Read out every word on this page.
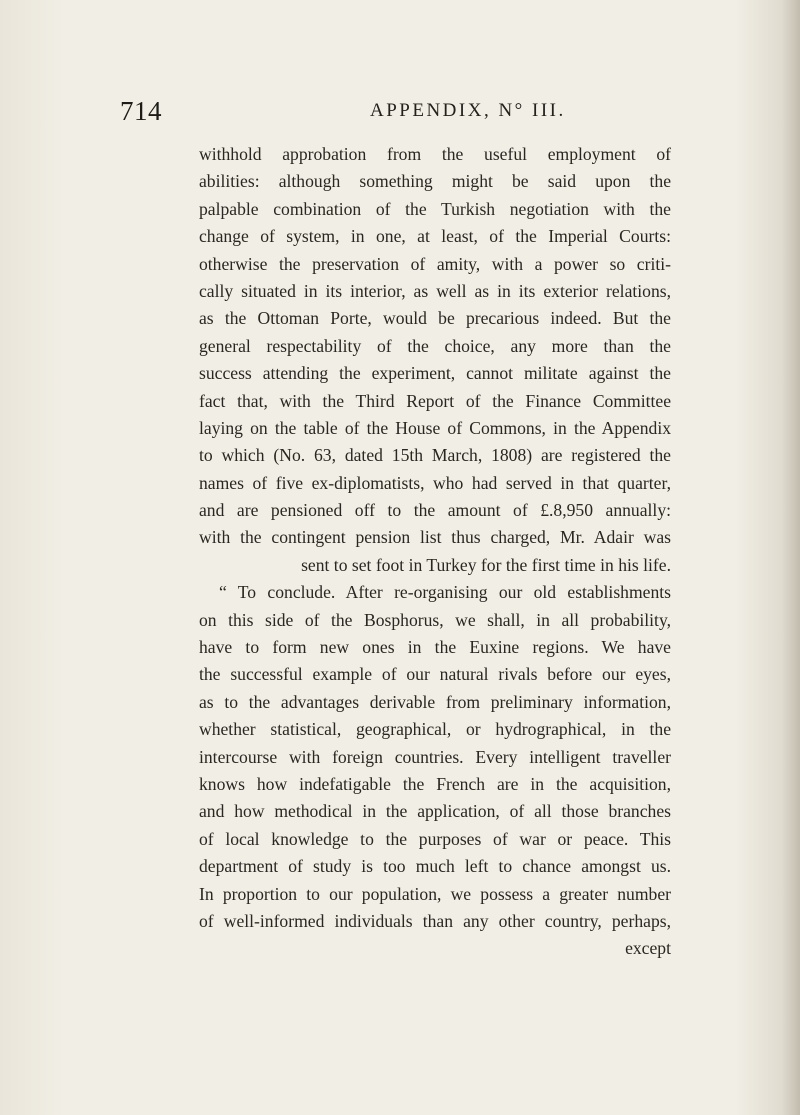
714	APPENDIX, N° III.
withhold approbation from the useful employment of
abilities: although something might be said upon the
palpable combination of the Turkish negotiation with the
change of system, in one, at least, of the Imperial Courts:
otherwise the preservation of amity, with a power so criti-
cally situated in its interior, as well as in its exterior relations,
as the Ottoman Porte, would be precarious indeed. But the
general respectability of the choice, any more than the
success attending the experiment, cannot militate against the
fact that, with the Third Report of the Finance Committee
laying on the table of the House of Commons, in the Appendix
to which (No. 63, dated 15th March, 1808) are registered the
names of five ex-diplomatists, who had served in that quarter,
and are pensioned off to the amount of £.8,950 annually:
with the contingent pension list thus charged, Mr. Adair was
sent to set foot in Turkey for the first time in his life.
“ To conclude. After re-organising our old establishments
on this side of the Bosphorus, we shall, in all probability,
have to form new ones in the Euxine regions. We have
the successful example of our natural rivals before our eyes,
as to the advantages derivable from preliminary information,
whether statistical, geographical, or hydrographical, in the
intercourse with foreign countries. Every intelligent traveller
knows how indefatigable the French are in the acquisition,
and how methodical in the application, of all those branches
of local knowledge to the purposes of war or peace. This
department of study is too much left to chance amongst us.
In proportion to our population, we possess a greater number
of well-informed individuals than any other country, perhaps,
except
